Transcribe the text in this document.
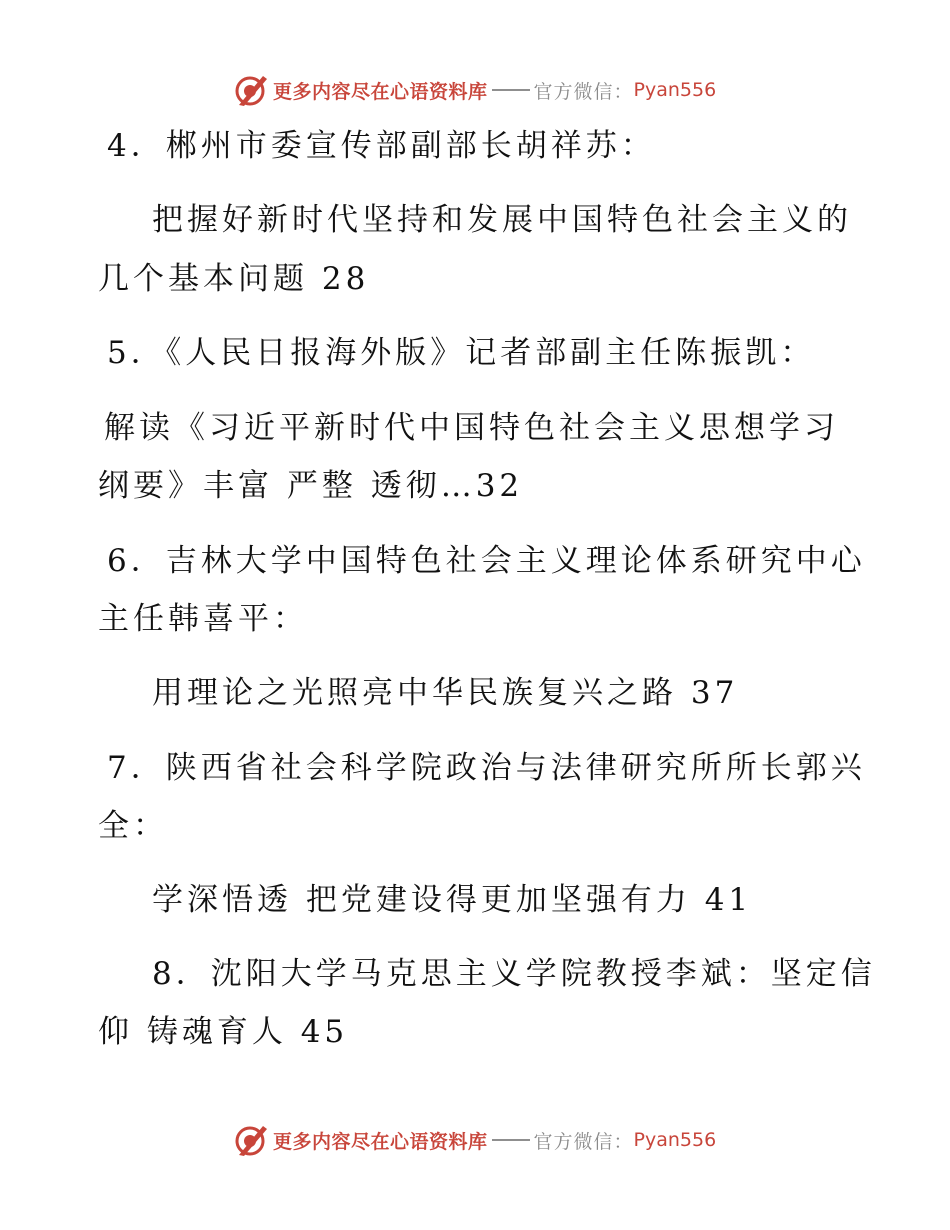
更多内容尽在心语资料库 官方微信： Pyan556
4．郴州市委宣传部副部长胡祥苏：
把握好新时代坚持和发展中国特色社会主义的
几个基本问题 28
5．《人民日报海外版》记者部副主任陈振凯：
解读《习近平新时代中国特色社会主义思想学习
纲要》丰富 严整 透彻…32
6．吉林大学中国特色社会主义理论体系研究中心
主任韩喜平：
用理论之光照亮中华民族复兴之路 37
7．陕西省社会科学院政治与法律研究所所长郭兴
全：
学深悟透 把党建设得更加坚强有力 41
8．沈阳大学马克思主义学院教授李斌：坚定信
仰 铸魂育人 45
更多内容尽在心语资料库 官方微信： Pyan556
